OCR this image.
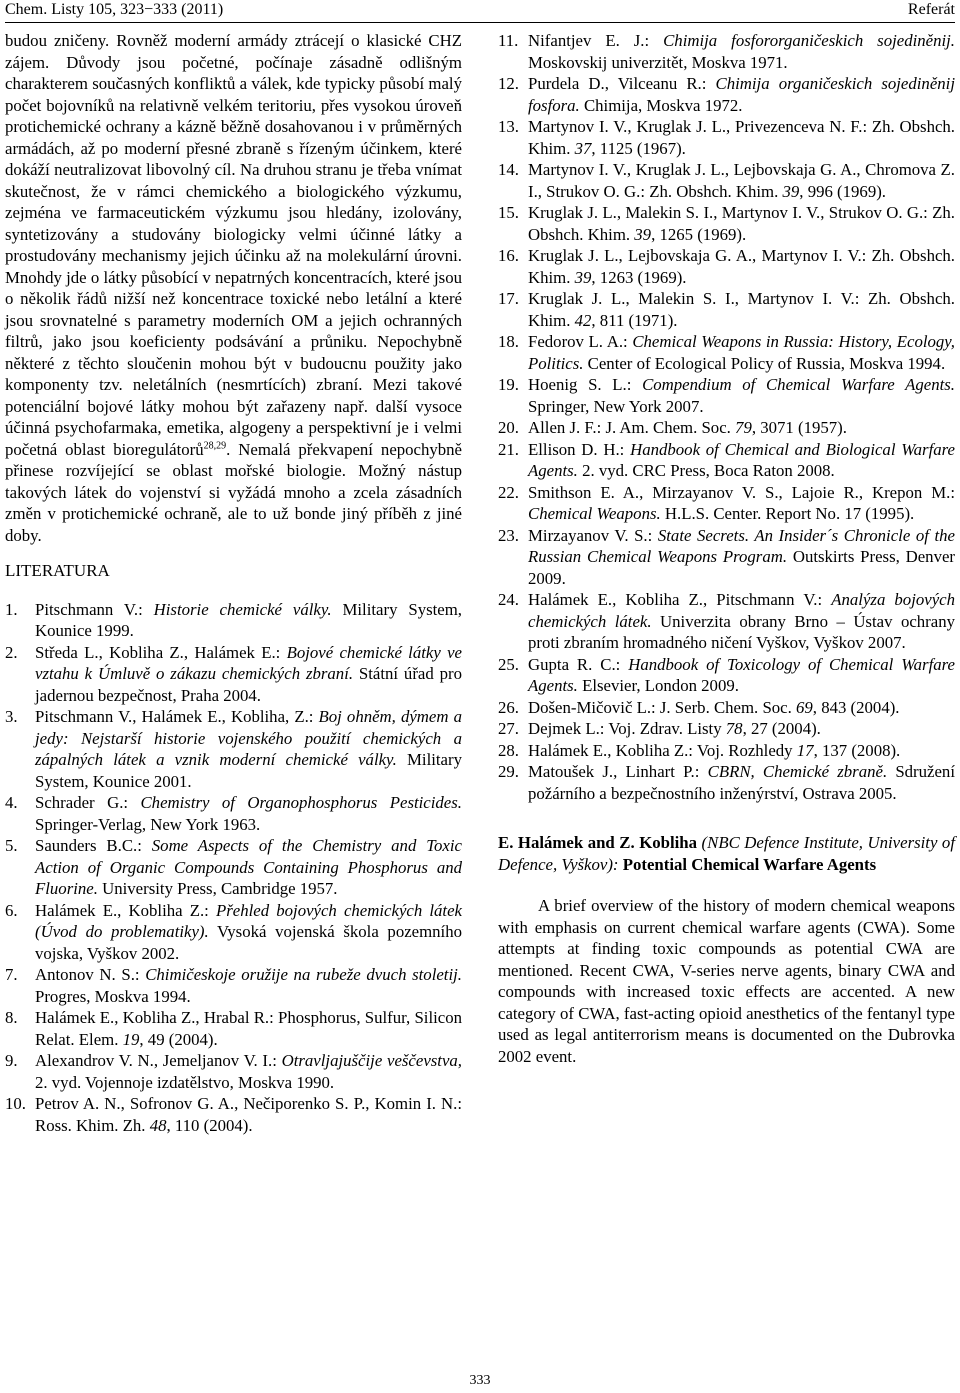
Chem. Listy 105, 323−333 (2011)	Referát

budou zničeny. Rovněž moderní armády ztrácejí o klasické CHZ zájem. Důvody jsou početné, počínaje zásadně odlišným charakterem současných konfliktů a válek, kde typicky působí malý počet bojovníků na relativně velkém teritoriu, přes vysokou úroveň protichemické ochrany a kázně běžně dosahovanou i v průměrných armádách, až po moderní přesné zbraně s řízeným účinkem, které dokáží neutralizovat libovolný cíl. Na druhou stranu je třeba vnímat skutečnost, že v rámci chemického a biologického výzkumu, zejména ve farmaceutickém výzkumu jsou hledány, izolovány, syntetizovány a studovány biologicky velmi účinné látky a prostudovány mechanismy jejich účinku až na molekulární úrovni. Mnohdy jde o látky působící v nepatrných koncentracích, které jsou o několik řádů nižší než koncentrace toxické nebo letální a které jsou srovnatelné s parametry moderních OM a jejich ochranných filtrů, jako jsou koeficienty podsávání a průniku. Nepochybně některé z těchto sloučenin mohou být v budoucnu použity jako komponenty tzv. neletálních (nesmrtících) zbraní. Mezi takové potenciální bojové látky mohou být zařazeny např. další vysoce účinná psychofarmaka, emetika, algogeny a perspektivní je i velmi početná oblast bioregulátorů$^{28,29}$. Nemalá překvapení nepochybně přinese rozvíjející se oblast mořské biologie. Možný nástup takových látek do vojenství si vyžádá mnoho a zcela zásadních změn v protichemické ochraně, ale to už bonde jiný příběh z jiné doby.

LITERATURA
1. Pitschmann V.: Historie chemické války. Military System, Kounice 1999.
2. Středa L., Kobliha Z., Halámek E.: Bojové chemické látky ve vztahu k Úmluvě o zákazu chemických zbraní. Státní úřad pro jadernou bezpečnost, Praha 2004.
3. Pitschmann V., Halámek E., Kobliha, Z.: Boj ohněm, dýmem a jedy: Nejstarší historie vojenského použití chemických a zápalných látek a vznik moderní chemické války. Military System, Kounice 2001.
4. Schrader G.: Chemistry of Organophosphorus Pesticides. Springer-Verlag, New York 1963.
5. Saunders B.C.: Some Aspects of the Chemistry and Toxic Action of Organic Compounds Containing Phosphorus and Fluorine. University Press, Cambridge 1957.
6. Halámek E., Kobliha Z.: Přehled bojových chemických látek (Úvod do problematiky). Vysoká vojenská škola pozemního vojska, Vyškov 2002.
7. Antonov N. S.: Chimičeskoje oružije na rubeže dvuch stoletij. Progres, Moskva 1994.
8. Halámek E., Kobliha Z., Hrabal R.: Phosphorus, Sulfur, Silicon Relat. Elem. 19, 49 (2004).
9. Alexandrov V. N., Jemeljanov V. I.: Otravljajuščije veščevstva, 2. vyd. Vojennoje izdatělstvo, Moskva 1990.
10. Petrov A. N., Sofronov G. A., Nečiporenko S. P., Komin I. N.: Ross. Khim. Zh. 48, 110 (2004).
11. Nifantjev E. J.: Chimija fosfororganičeskich sojediněnij. Moskovskij univerzitět, Moskva 1971.
12. Purdela D., Vilceanu R.: Chimija organičeskich sojediněnij fosfora. Chimija, Moskva 1972.
13. Martynov I. V., Kruglak J. L., Privezenceva N. F.: Zh. Obshch. Khim. 37, 1125 (1967).
14. Martynov I. V., Kruglak J. L., Lejbovskaja G. A., Chromova Z. I., Strukov O. G.: Zh. Obshch. Khim. 39, 996 (1969).
15. Kruglak J. L., Malekin S. I., Martynov I. V., Strukov O. G.: Zh. Obshch. Khim. 39, 1265 (1969).
16. Kruglak J. L., Lejbovskaja G. A., Martynov I. V.: Zh. Obshch. Khim. 39, 1263 (1969).
17. Kruglak J. L., Malekin S. I., Martynov I. V.: Zh. Obshch. Khim. 42, 811 (1971).
18. Fedorov L. A.: Chemical Weapons in Russia: History, Ecology, Politics. Center of Ecological Policy of Russia, Moskva 1994.
19. Hoenig S. L.: Compendium of Chemical Warfare Agents. Springer, New York 2007.
20. Allen J. F.: J. Am. Chem. Soc. 79, 3071 (1957).
21. Ellison D. H.: Handbook of Chemical and Biological Warfare Agents. 2. vyd. CRC Press, Boca Raton 2008.
22. Smithson E. A., Mirzayanov V. S., Lajoie R., Krepon M.: Chemical Weapons. H.L.S. Center. Report No. 17 (1995).
23. Mirzayanov V. S.: State Secrets. An Insider´s Chronicle of the Russian Chemical Weapons Program. Outskirts Press, Denver 2009.
24. Halámek E., Kobliha Z., Pitschmann V.: Analýza bojových chemických látek. Univerzita obrany Brno – Ústav ochrany proti zbraním hromadného ničení Vyškov, Vyškov 2007.
25. Gupta R. C.: Handbook of Toxicology of Chemical Warfare Agents. Elsevier, London 2009.
26. Došen-Mičovič L.: J. Serb. Chem. Soc. 69, 843 (2004).
27. Dejmek L.: Voj. Zdrav. Listy 78, 27 (2004).
28. Halámek E., Kobliha Z.: Voj. Rozhledy 17, 137 (2008).
29. Matoušek J., Linhart P.: CBRN, Chemické zbraně. Sdružení požárního a bezpečnostního inženýrství, Ostrava 2005.

E. Halámek and Z. Kobliha (NBC Defence Institute, University of Defence, Vyškov): Potential Chemical Warfare Agents

A brief overview of the history of modern chemical weapons with emphasis on current chemical warfare agents (CWA). Some attempts at finding toxic compounds as potential CWA are mentioned. Recent CWA, V-series nerve agents, binary CWA and compounds with increased toxic effects are accented. A new category of CWA, fast-acting opioid anesthetics of the fentanyl type used as legal antiterrorism means is documented on the Dubrovka 2002 event.

333
